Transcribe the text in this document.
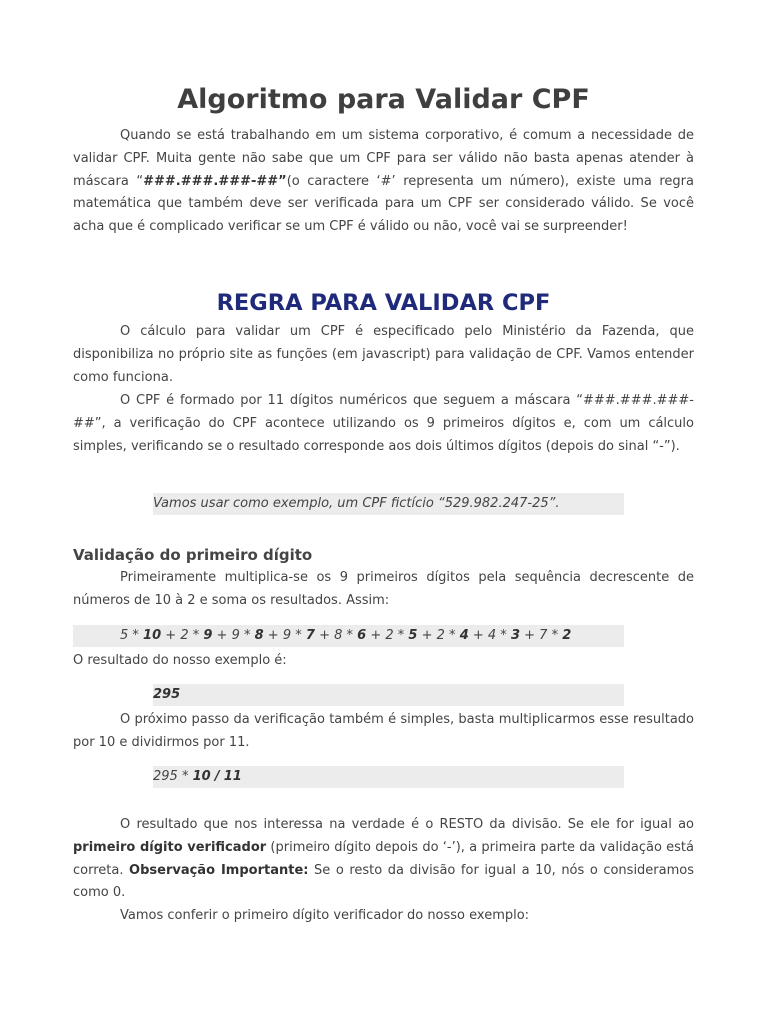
Algoritmo para Validar CPF

Quando se está trabalhando em um sistema corporativo, é comum a necessidade de validar CPF. Muita gente não sabe que um CPF para ser válido não basta apenas atender à máscara “###.###.###-##”(o caractere ‘#’ representa um número), existe uma regra matemática que também deve ser verificada para um CPF ser considerado válido. Se você acha que é complicado verificar se um CPF é válido ou não, você vai se surpreender!

REGRA PARA VALIDAR CPF

O cálculo para validar um CPF é especificado pelo Ministério da Fazenda, que disponibiliza no próprio site as funções (em javascript) para validação de CPF. Vamos entender como funciona.

O CPF é formado por 11 dígitos numéricos que seguem a máscara “###.###.###-##”, a verificação do CPF acontece utilizando os 9 primeiros dígitos e, com um cálculo simples, verificando se o resultado corresponde aos dois últimos dígitos (depois do sinal “-”).

Vamos usar como exemplo, um CPF fictício “529.982.247-25”.
Validação do primeiro dígito

Primeiramente multiplica-se os 9 primeiros dígitos pela sequência decrescente de números de 10 à 2 e soma os resultados. Assim:

5 * 10 + 2 * 9 + 9 * 8 + 9 * 7 + 8 * 6 + 2 * 5 + 2 * 4 + 4 * 3 + 7 * 2

O resultado do nosso exemplo é:

295

O próximo passo da verificação também é simples, basta multiplicarmos esse resultado por 10 e dividirmos por 11.

295 * 10 / 11

O resultado que nos interessa na verdade é o RESTO da divisão. Se ele for igual ao primeiro dígito verificador (primeiro dígito depois do ‘-’), a primeira parte da validação está correta. Observação Importante: Se o resto da divisão for igual a 10, nós o consideramos como 0.

Vamos conferir o primeiro dígito verificador do nosso exemplo:
